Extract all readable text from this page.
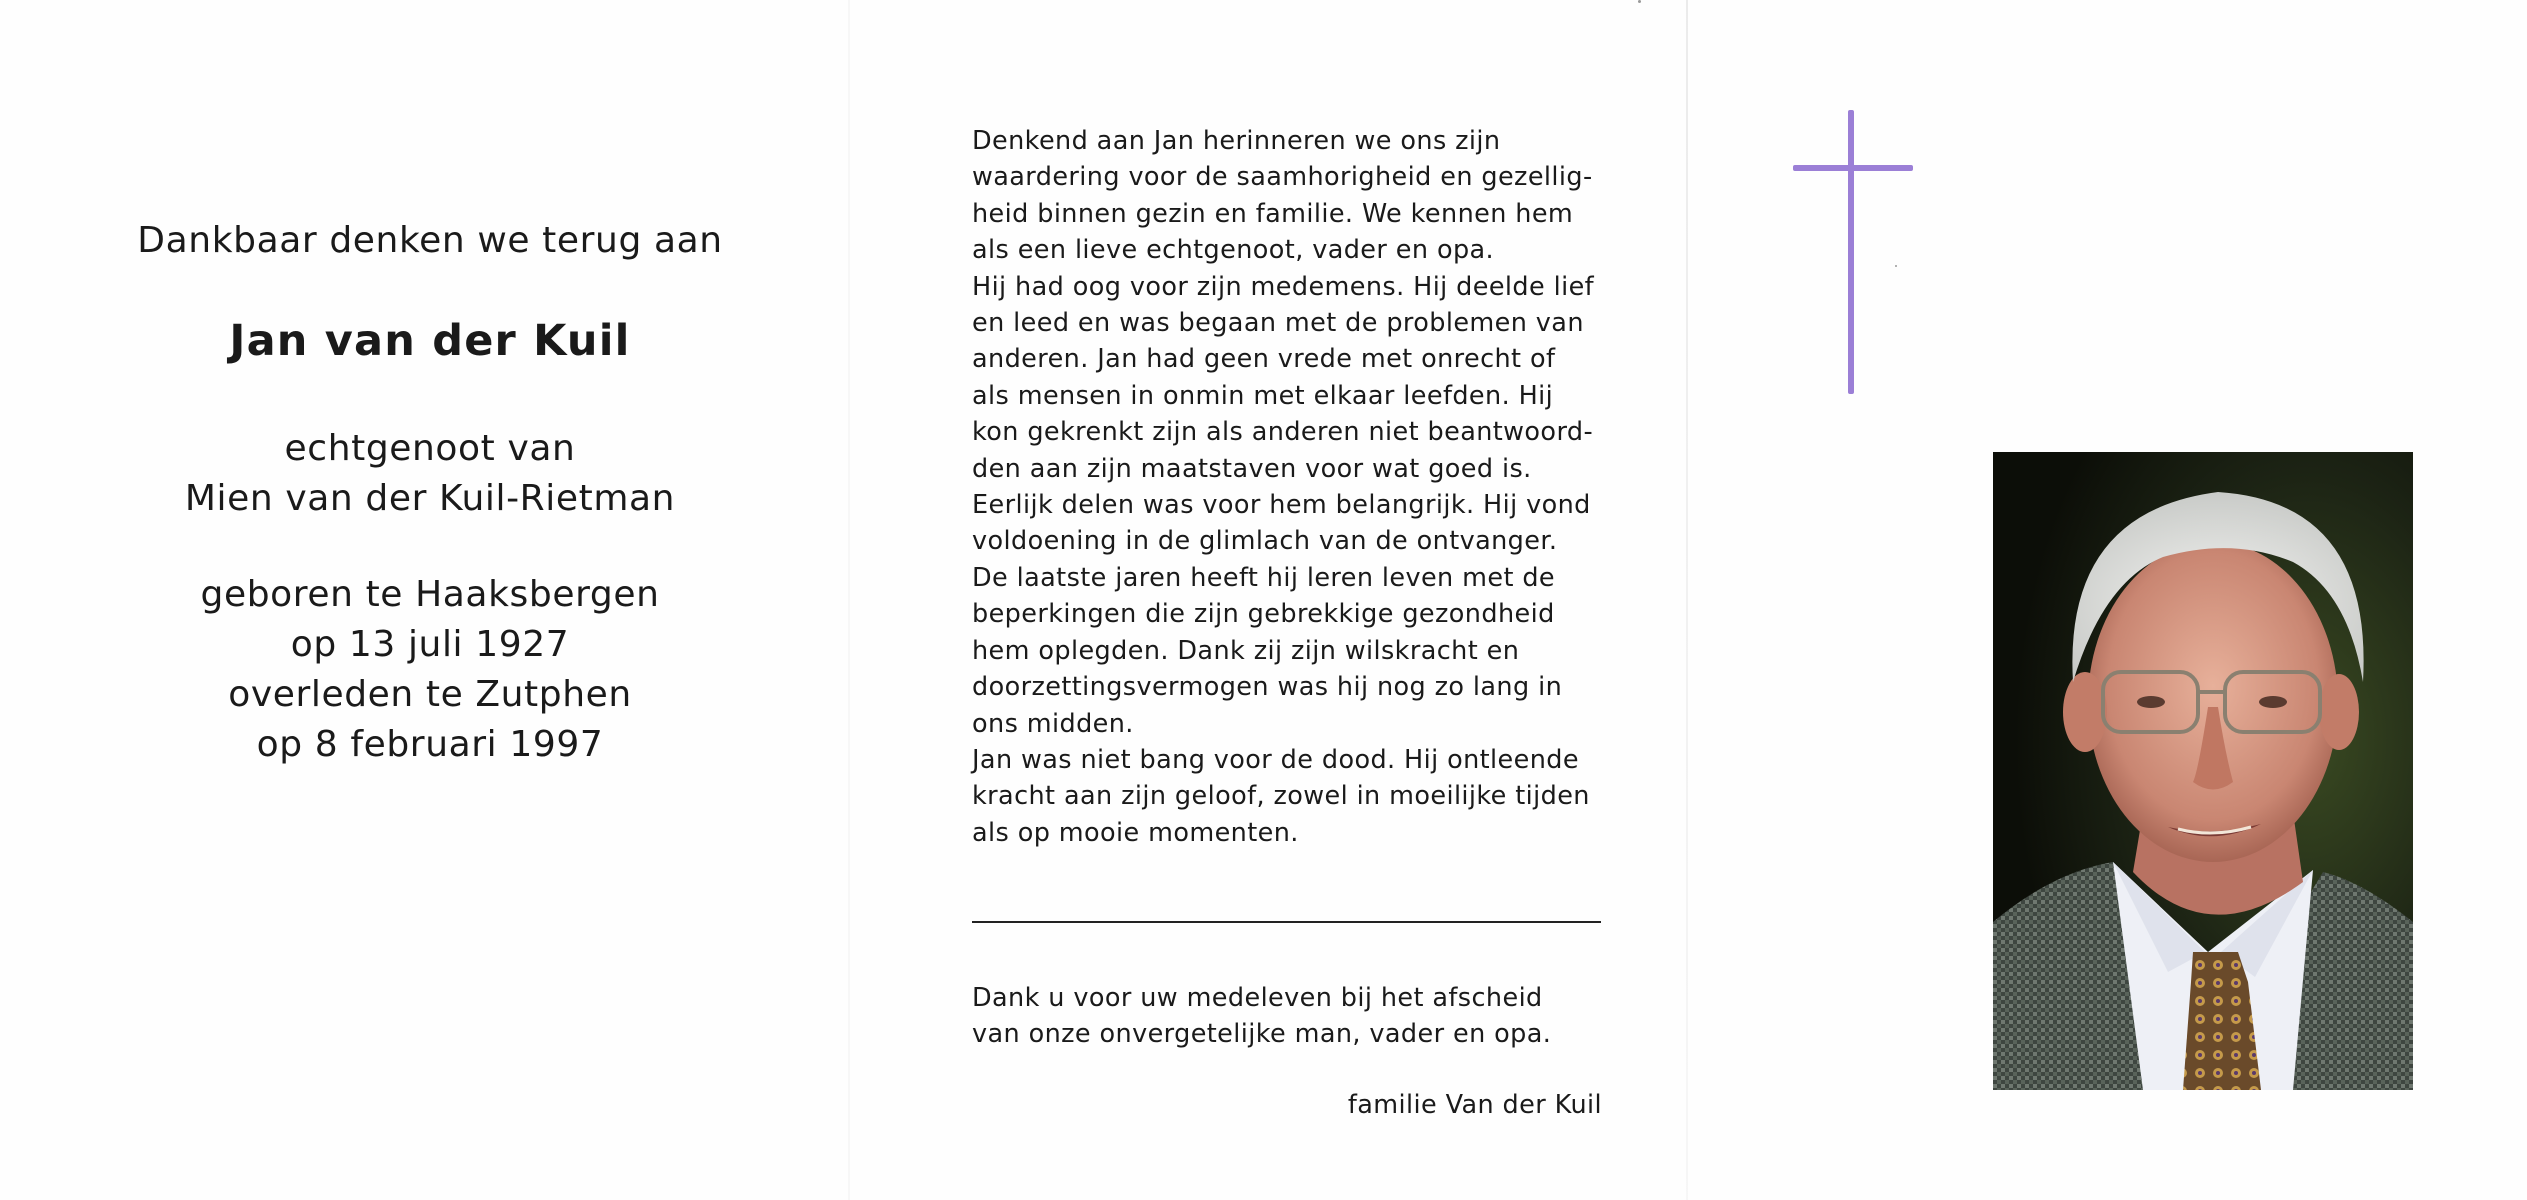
Dankbaar denken we terug aan
Jan van der Kuil
echtgenoot van
Mien van der Kuil-Rietman
geboren te Haaksbergen
op 13 juli 1927
overleden te Zutphen
op 8 februari 1997
Denkend aan Jan herinneren we ons zijn
waardering voor de saamhorigheid en gezellig-
heid binnen gezin en familie. We kennen hem
als een lieve echtgenoot, vader en opa.
Hij had oog voor zijn medemens. Hij deelde lief
en leed en was begaan met de problemen van
anderen. Jan had geen vrede met onrecht of
als mensen in onmin met elkaar leefden. Hij
kon gekrenkt zijn als anderen niet beantwoord-
den aan zijn maatstaven voor wat goed is.
Eerlijk delen was voor hem belangrijk. Hij vond
voldoening in de glimlach van de ontvanger.
De laatste jaren heeft hij leren leven met de
beperkingen die zijn gebrekkige gezondheid
hem oplegden. Dank zij zijn wilskracht en
doorzettingsvermogen was hij nog zo lang in
ons midden.
Jan was niet bang voor de dood. Hij ontleende
kracht aan zijn geloof, zowel in moeilijke tijden
als op mooie momenten.
Dank u voor uw medeleven bij het afscheid
van onze onvergetelijke man, vader en opa.
familie Van der Kuil
